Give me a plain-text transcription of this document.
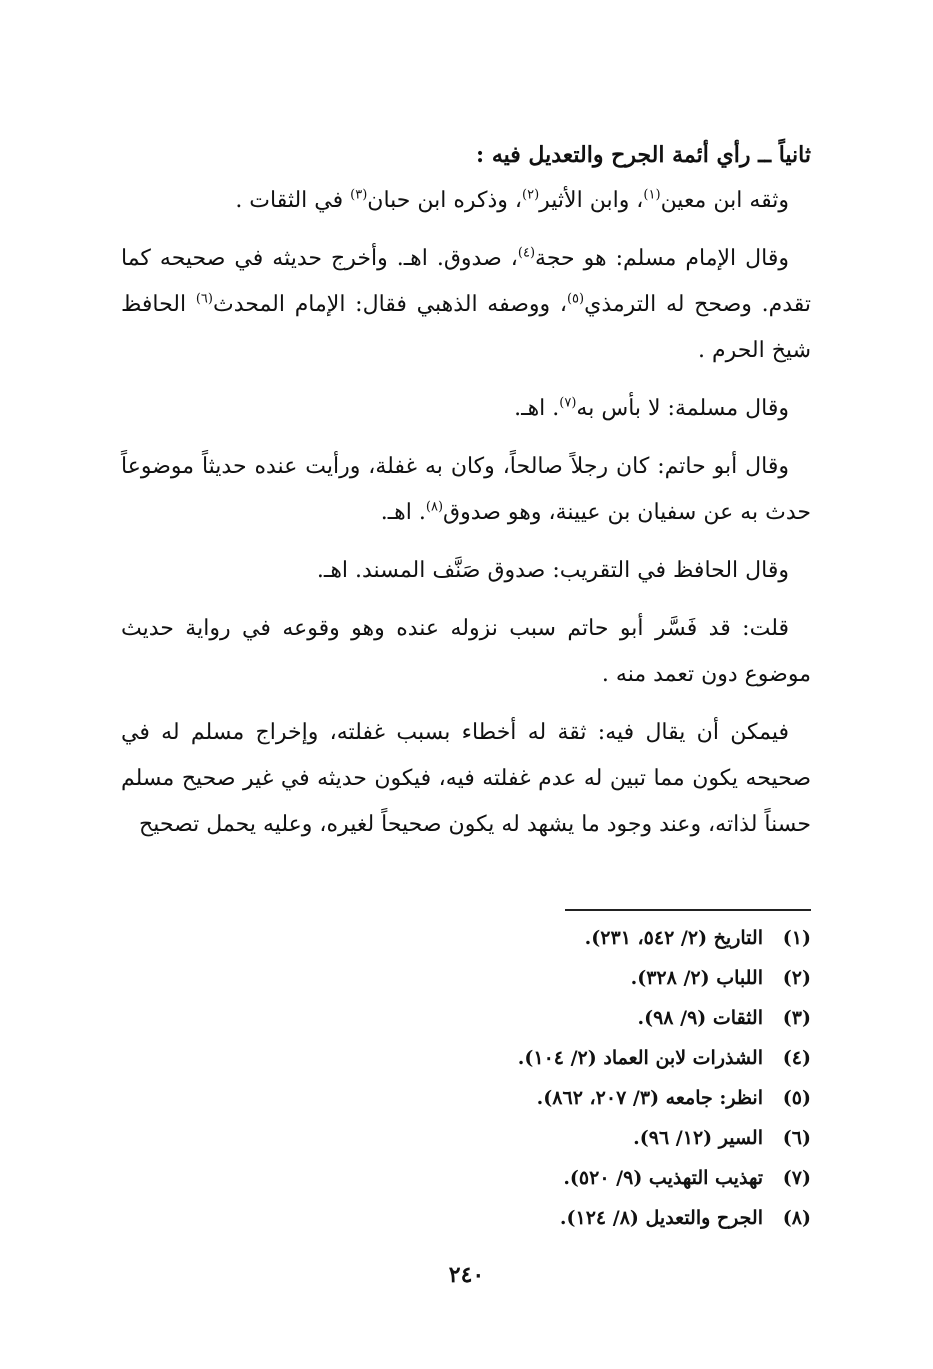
ثانياً ــ رأي أئمة الجرح والتعديل فيه :

وثقه ابن معين$^{(١)}$، وابن الأثير$^{(٢)}$، وذكره ابن حبان$^{(٣)}$ في الثقات .

وقال الإمام مسلم: هو حجة$^{(٤)}$، صدوق. اهـ. وأخرج حديثه في صحيحه كما تقدم. وصحح له الترمذي$^{(٥)}$، ووصفه الذهبي فقال: الإمام المحدث$^{(٦)}$ الحافظ شيخ الحرم .

وقال مسلمة: لا بأس به$^{(٧)}$. اهـ.

وقال أبو حاتم: كان رجلاً صالحاً، وكان به غفلة، ورأيت عنده حديثاً موضوعاً حدث به عن سفيان بن عيينة، وهو صدوق$^{(٨)}$. اهـ.

وقال الحافظ في التقريب: صدوق صَنَّف المسند. اهـ.

قلت: قد فَسَّر أبو حاتم سبب نزوله عنده وهو وقوعه في رواية حديث موضوع دون تعمد منه .

فيمكن أن يقال فيه: ثقة له أخطاء بسبب غفلته، وإخراج مسلم له في صحيحه يكون مما تبين له عدم غفلته فيه، فيكون حديثه في غير صحيح مسلم حسناً لذاته، وعند وجود ما يشهد له يكون صحيحاً لغيره، وعليه يحمل تصحيح

(١)التاريخ (٢/ ٥٤٢، ٢٣١).
(٢)اللباب (٢/ ٣٢٨).
(٣)الثقات (٩/ ٩٨).
(٤)الشذرات لابن العماد (٢/ ١٠٤).
(٥)انظر: جامعه (٣/ ٢٠٧، ٨٦٢).
(٦)السير (١٢/ ٩٦).
(٧)تهذيب التهذيب (٩/ ٥٢٠).
(٨)الجرح والتعديل (٨/ ١٢٤).
٢٤٠
